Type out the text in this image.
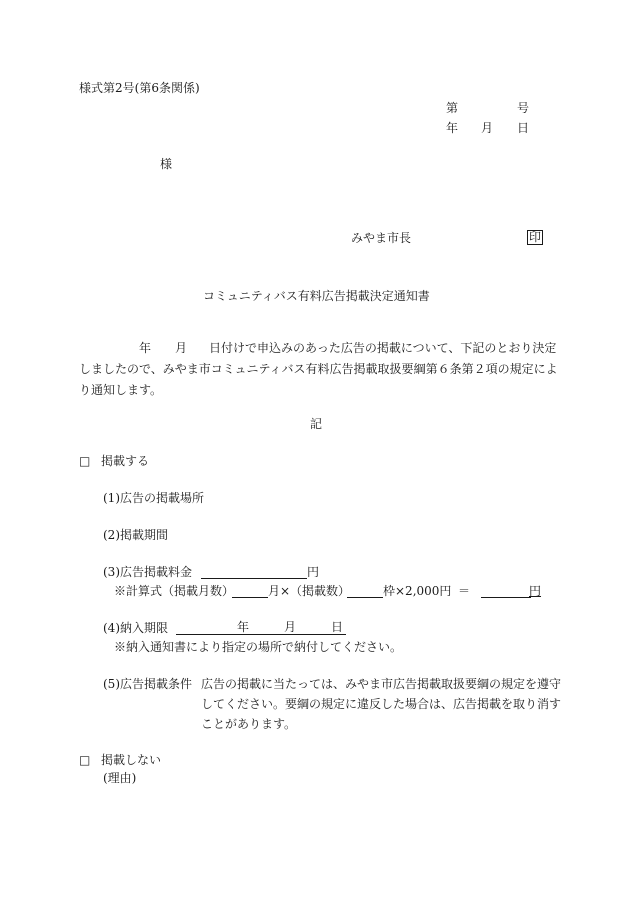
様式第2号(第6条関係)
第	号
年 月 日
様
みやま市長	印
コミュニティバス有料広告掲載決定通知書
年 月 日付けで申込みのあった広告の掲載について、下記のとおり決定
しましたので、みやま市コミュニティバス有料広告掲載取扱要綱第６条第２項の規定によ
り通知します。
記
□ 掲載する
(1)広告の掲載場所
(2)掲載期間
(3)広告掲載料金	円
※計算式（掲載月数）	月×（掲載数）	枠×2,000円 ＝	円
(4)納入期限	年	月	日
※納入通知書により指定の場所で納付してください。
(5)広告掲載条件 広告の掲載に当たっては、みやま市広告掲載取扱要綱の規定を遵守
してください。要綱の規定に違反した場合は、広告掲載を取り消す
ことがあります。
□ 掲載しない
(理由)
